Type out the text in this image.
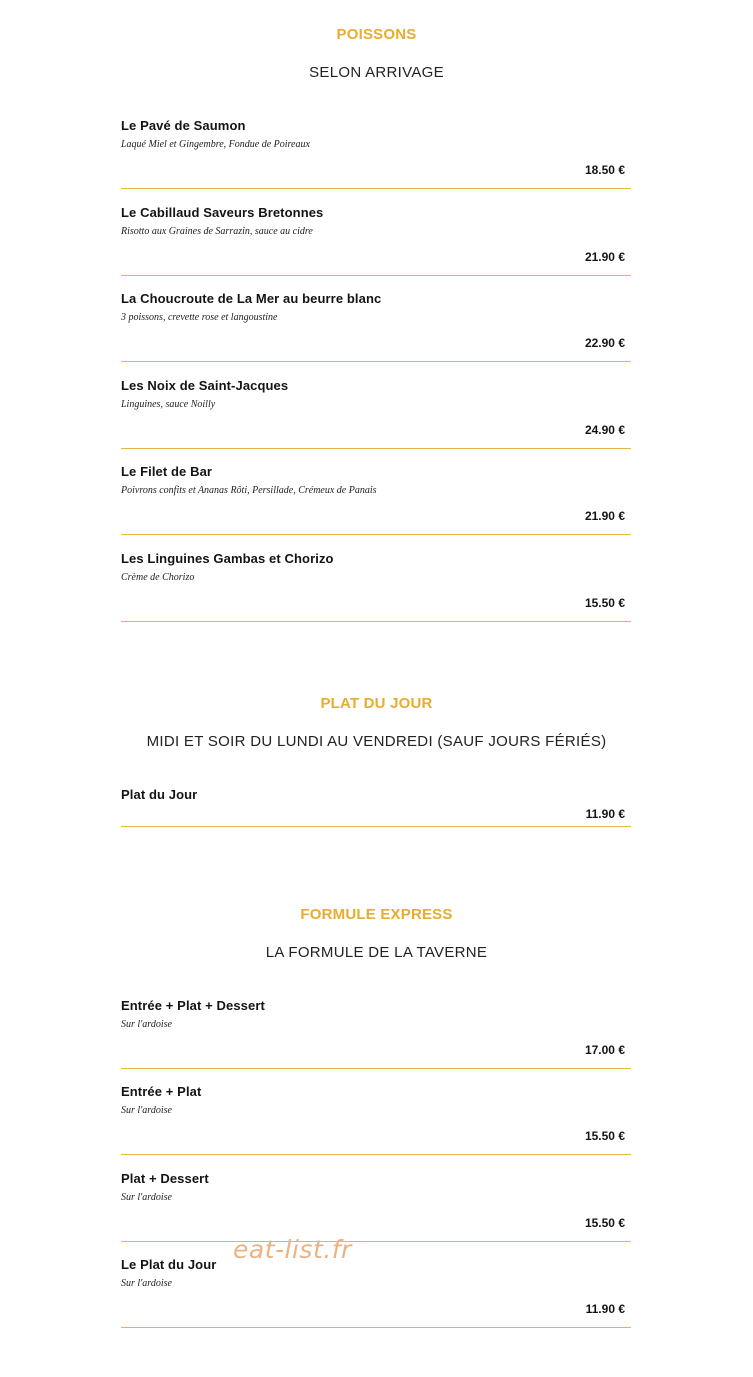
POISSONS
SELON ARRIVAGE
Le Pavé de Saumon
Laqué Miel et Gingembre, Fondue de Poireaux
18.50 €
Le Cabillaud Saveurs Bretonnes
Risotto aux Graines de Sarrazin, sauce au cidre
21.90 €
La Choucroute de La Mer au beurre blanc
3 poissons, crevette rose et langoustine
22.90 €
Les Noix de Saint-Jacques
Linguines, sauce Noilly
24.90 €
Le Filet de Bar
Poivrons confits et Ananas Rôti, Persillade, Crémeux de Panais
21.90 €
Les Linguines Gambas et Chorizo
Crème de Chorizo
15.50 €
PLAT DU JOUR
MIDI ET SOIR DU LUNDI AU VENDREDI (SAUF JOURS FÉRIÉS)
Plat du Jour
11.90 €
FORMULE EXPRESS
LA FORMULE DE LA TAVERNE
Entrée + Plat + Dessert
Sur l'ardoise
17.00 €
Entrée + Plat
Sur l'ardoise
15.50 €
Plat + Dessert
Sur l'ardoise
15.50 €
Le Plat du Jour
Sur l'ardoise
11.90 €
eat-list.fr
